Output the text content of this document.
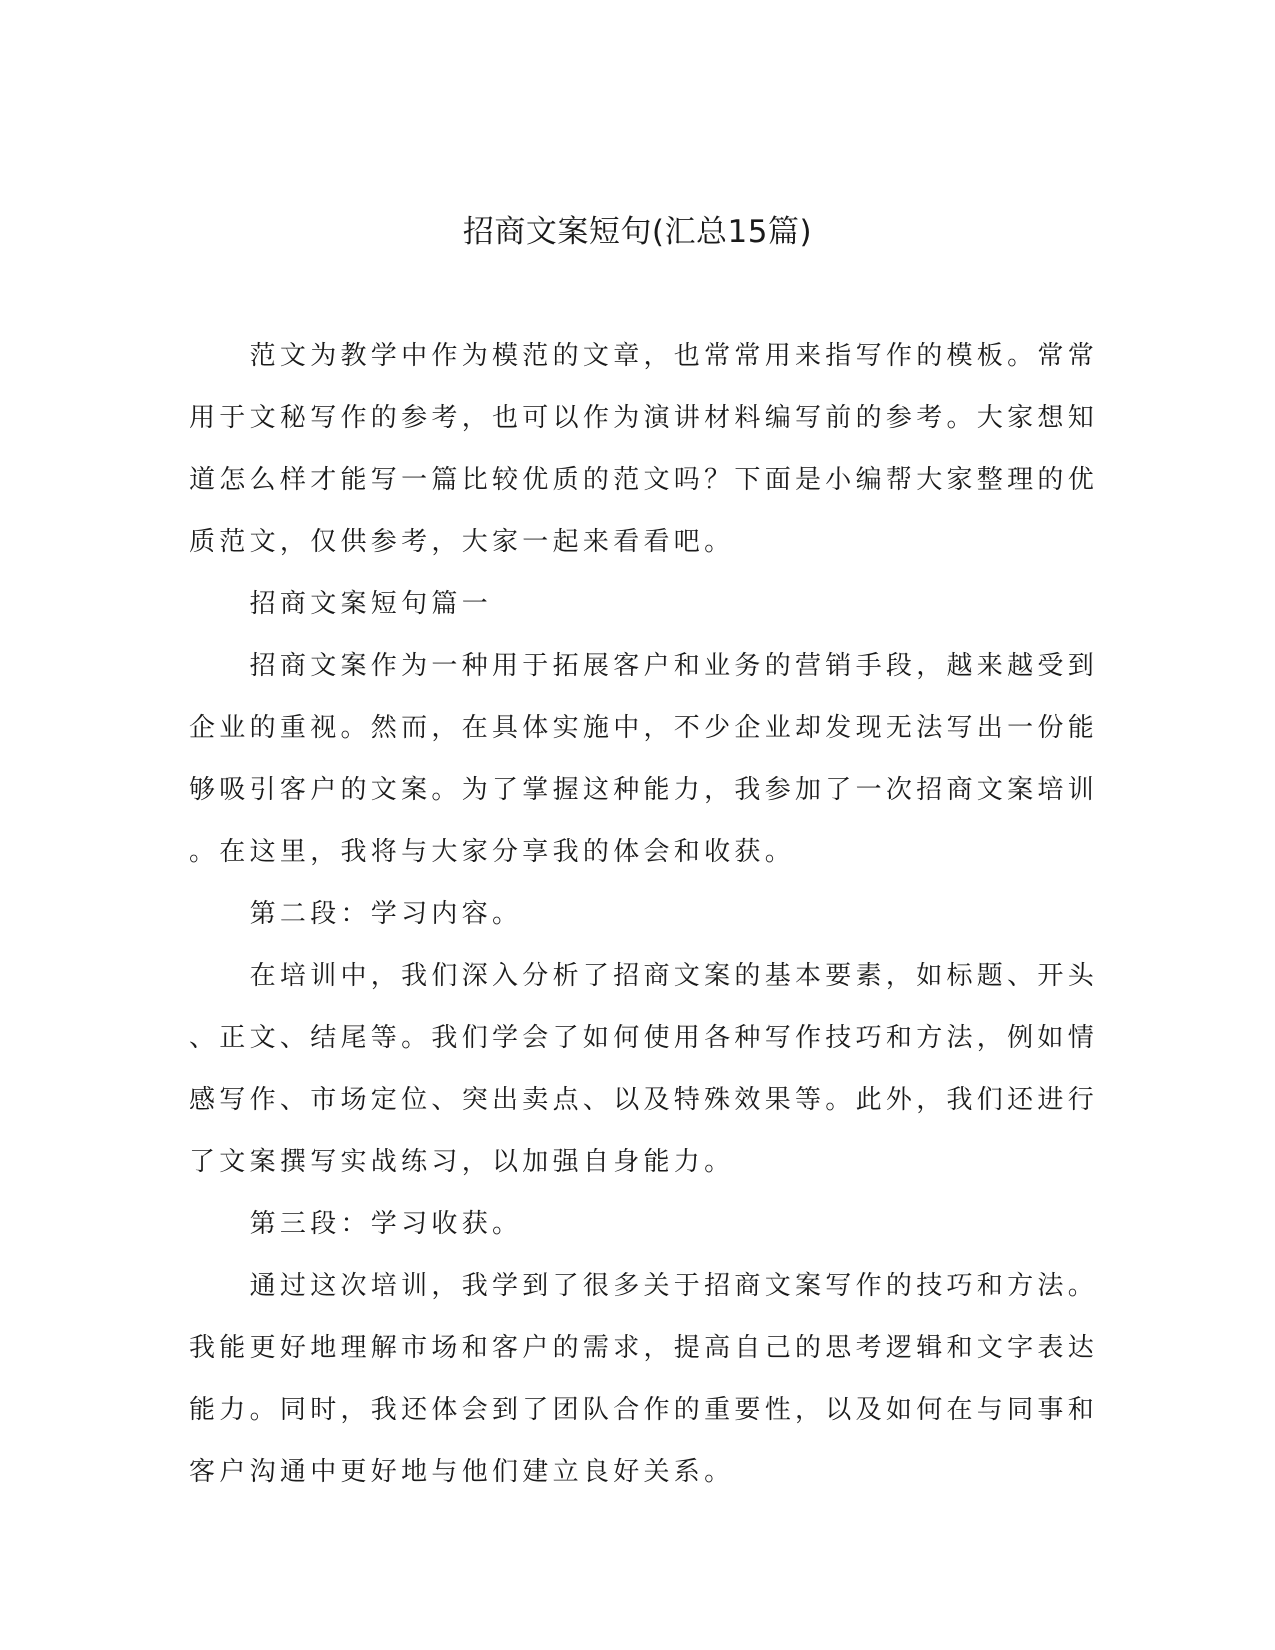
招商文案短句(汇总15篇)
　　范文为教学中作为模范的文章，也常常用来指写作的模板。常常
用于文秘写作的参考，也可以作为演讲材料编写前的参考。大家想知
道怎么样才能写一篇比较优质的范文吗？下面是小编帮大家整理的优
质范文，仅供参考，大家一起来看看吧。
　　招商文案短句篇一
　　招商文案作为一种用于拓展客户和业务的营销手段，越来越受到
企业的重视。然而，在具体实施中，不少企业却发现无法写出一份能
够吸引客户的文案。为了掌握这种能力，我参加了一次招商文案培训
。在这里，我将与大家分享我的体会和收获。
　　第二段：学习内容。
　　在培训中，我们深入分析了招商文案的基本要素，如标题、开头
、正文、结尾等。我们学会了如何使用各种写作技巧和方法，例如情
感写作、市场定位、突出卖点、以及特殊效果等。此外，我们还进行
了文案撰写实战练习，以加强自身能力。
　　第三段：学习收获。
　　通过这次培训，我学到了很多关于招商文案写作的技巧和方法。
我能更好地理解市场和客户的需求，提高自己的思考逻辑和文字表达
能力。同时，我还体会到了团队合作的重要性，以及如何在与同事和
客户沟通中更好地与他们建立良好关系。
